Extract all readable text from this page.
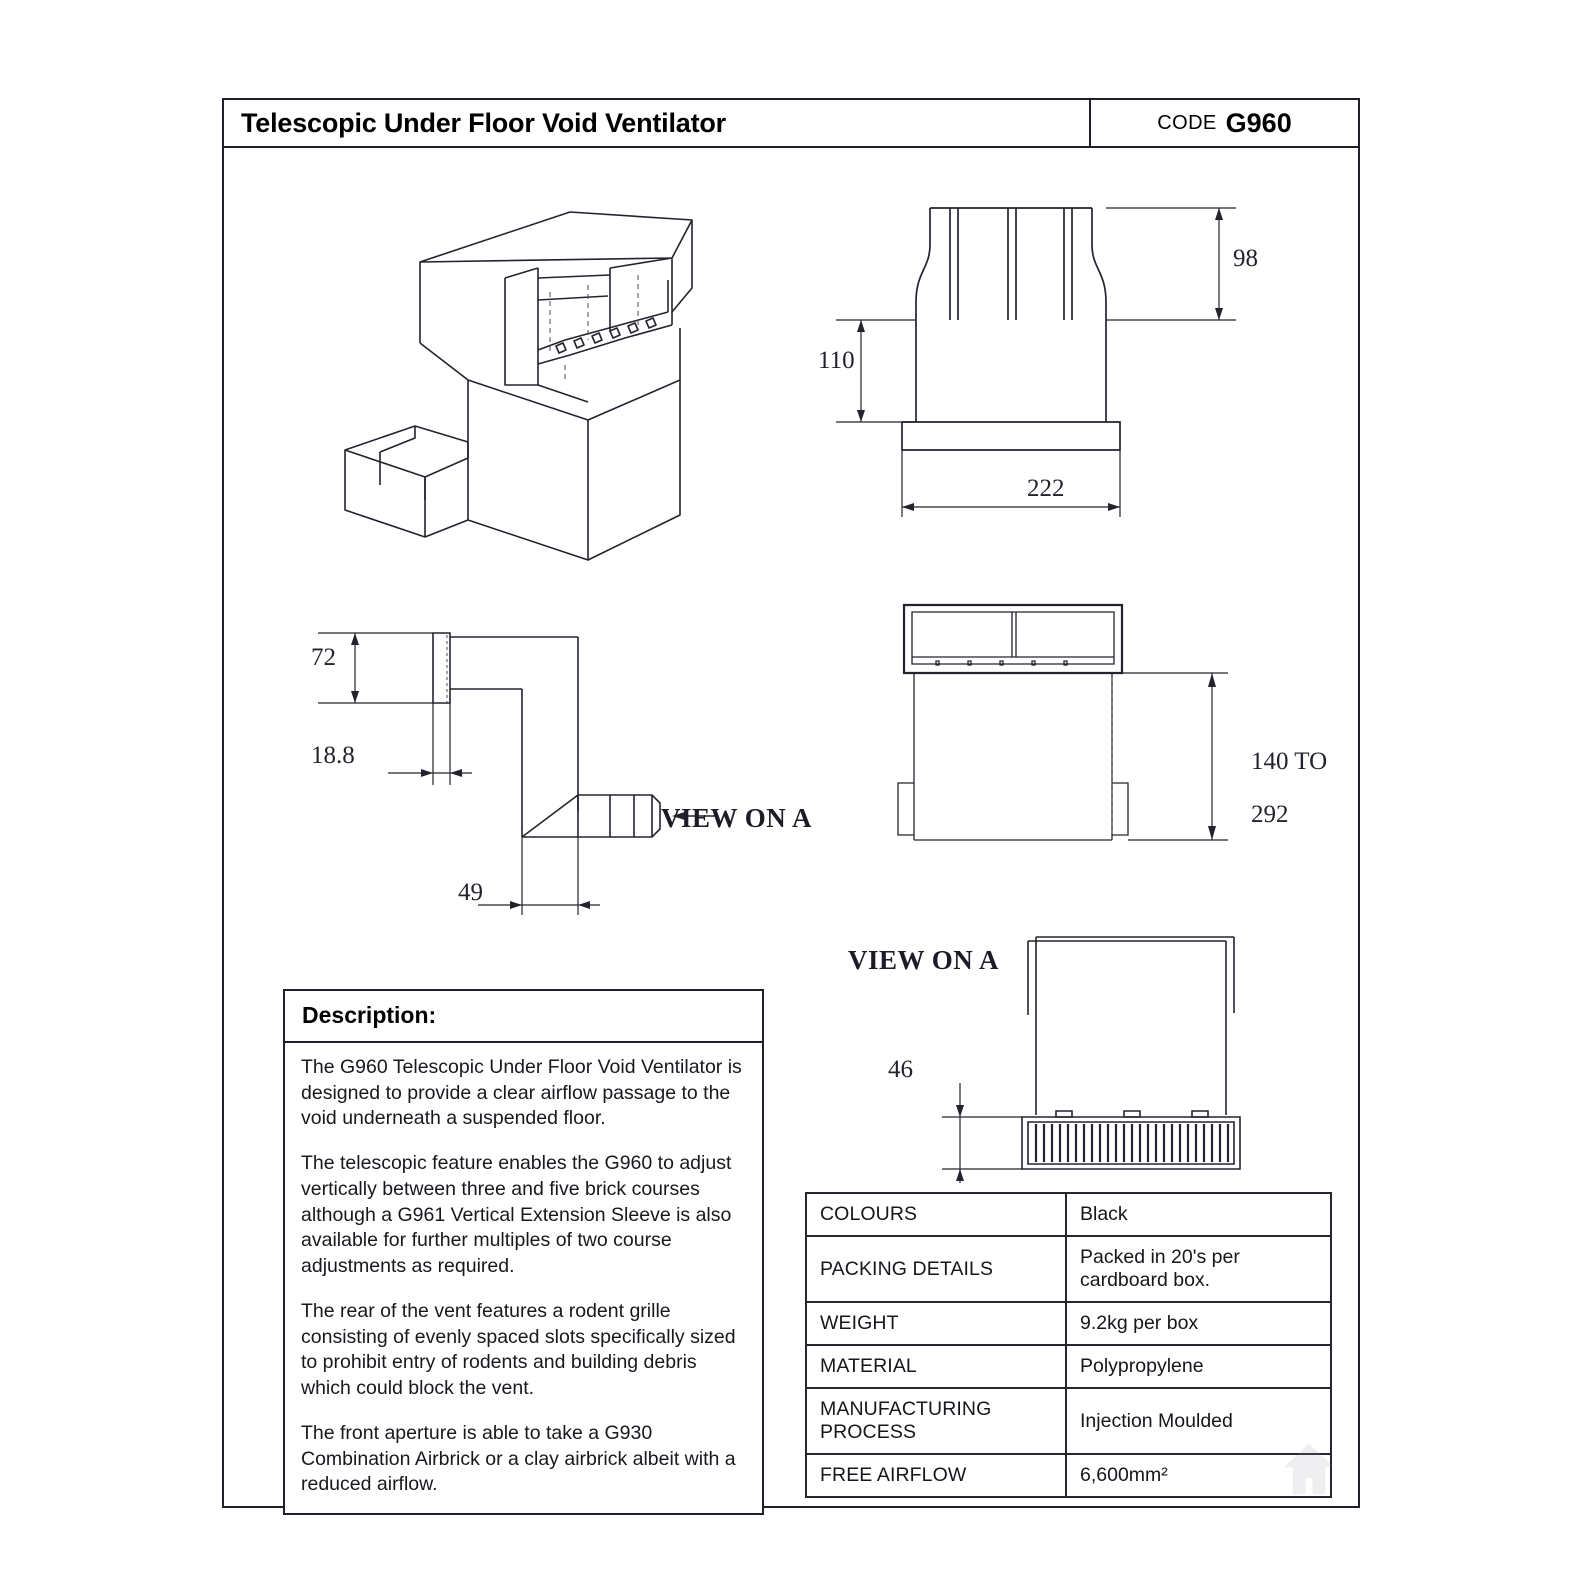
Telescopic Under Floor Void Ventilator	CODE G960
98
110
222
72
18.8
49
VIEW ON A

140 TO

292

VIEW ON A
46
Description:

The G960 Telescopic Under Floor Void Ventilator is designed to provide a clear airflow passage to the void underneath a suspended floor.

The telescopic feature enables the G960 to adjust vertically between three and five brick courses although a G961 Vertical Extension Sleeve is also available for further multiples of two course adjustments as required.

The rear of the vent features a rodent grille consisting of evenly spaced slots specifically sized to prohibit entry of rodents and building debris which could block the vent.

The front aperture is able to take a G930 Combination Airbrick or a clay airbrick albeit with a reduced airflow.

COLOURS	Black
PACKING DETAILS	Packed in 20's per cardboard box.
WEIGHT	9.2kg per box
MATERIAL	Polypropylene
MANUFACTURING PROCESS	Injection Moulded
FREE AIRFLOW	6,600mm²
